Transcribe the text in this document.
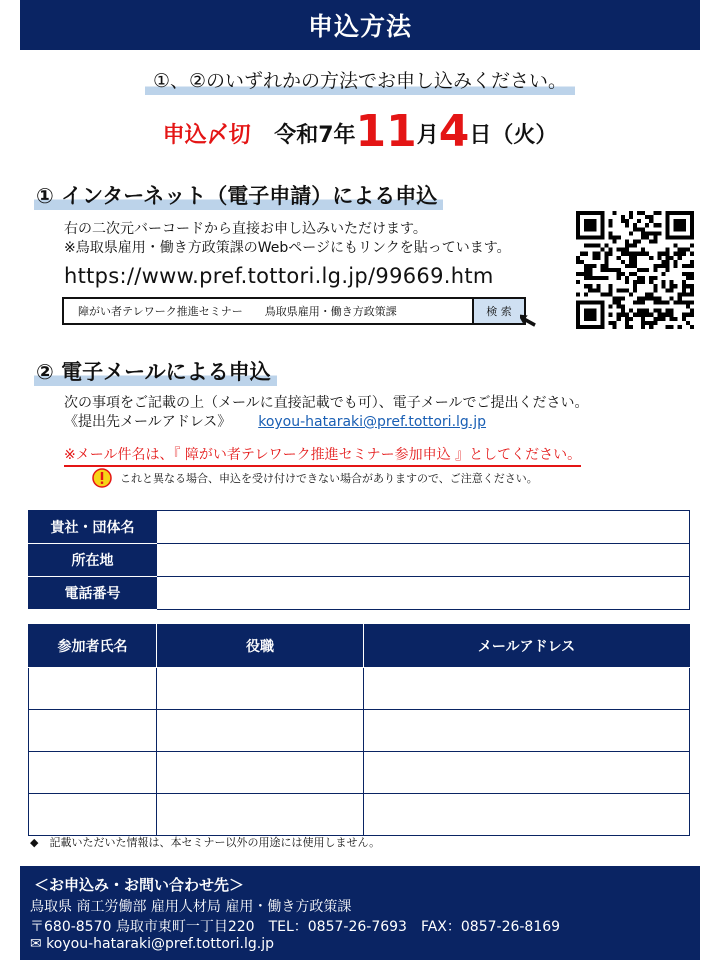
申込方法
①、②のいずれかの方法でお申し込みください。
申込〆切 令和7年11月4日（火）
① インターネット（電子申請）による申込
右の二次元バーコードから直接お申し込みいただけます。
※鳥取県雇用・働き方政策課のWebページにもリンクを貼っています。
https://www.pref.tottori.lg.jp/99669.htm
障がい者テレワーク推進セミナー　　鳥取県雇用・働き方政策課	検 索
② 電子メールによる申込
次の事項をご記載の上（メールに直接記載でも可）、電子メールでご提出ください。
《提出先メールアドレス》 koyou-hataraki@pref.tottori.lg.jp
※メール件名は、『 障がい者テレワーク推進セミナー参加申込 』としてください。
これと異なる場合、申込を受け付けできない場合がありますので、ご注意ください。
貴社・団体名	
所在地	
電話番号	
参加者氏名	役職	メールアドレス

◆　記載いただいた情報は、本セミナー以外の用途には使用しません。
＜お申込み・お問い合わせ先＞
鳥取県 商工労働部 雇用人材局 雇用・働き方政策課
〒680-8570 鳥取市東町一丁目220　TEL：0857-26-7693　FAX：0857-26-8169
✉ koyou-hataraki@pref.tottori.lg.jp
